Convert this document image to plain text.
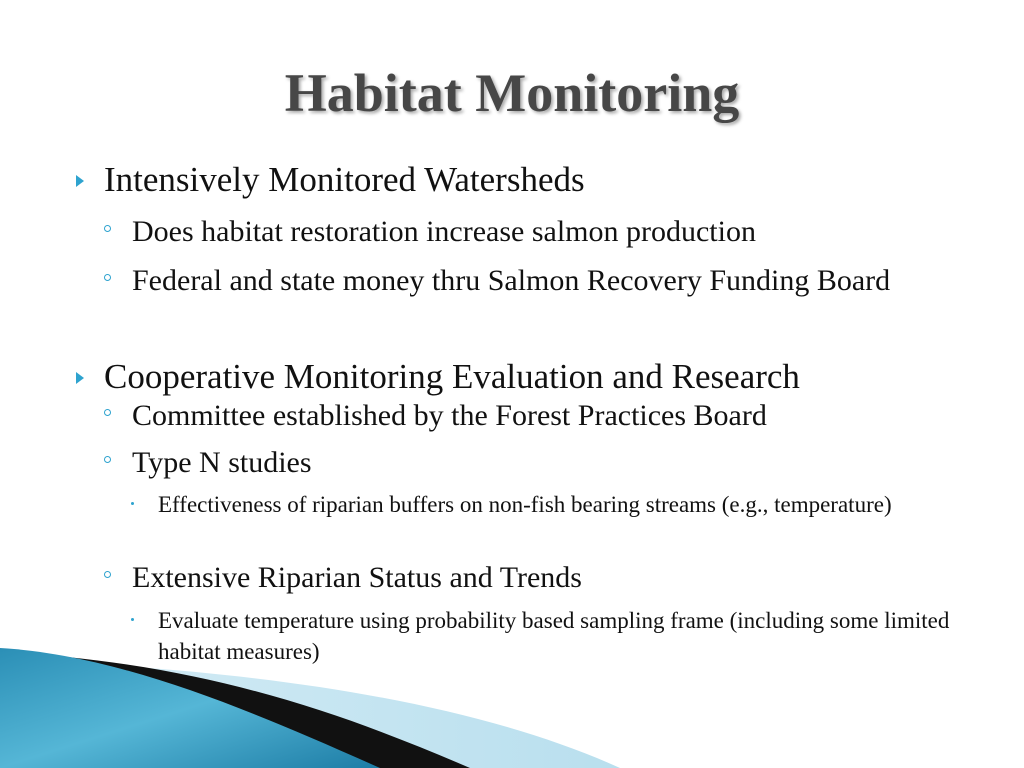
Habitat Monitoring
Intensively Monitored Watersheds
Does habitat restoration increase salmon production
Federal and state money thru Salmon Recovery Funding Board
Cooperative Monitoring Evaluation and Research
Committee established by the Forest Practices Board
Type N studies
Effectiveness of riparian buffers on non-fish bearing streams (e.g., temperature)
Extensive Riparian Status and Trends
Evaluate temperature using probability based sampling frame (including some limited habitat measures)
